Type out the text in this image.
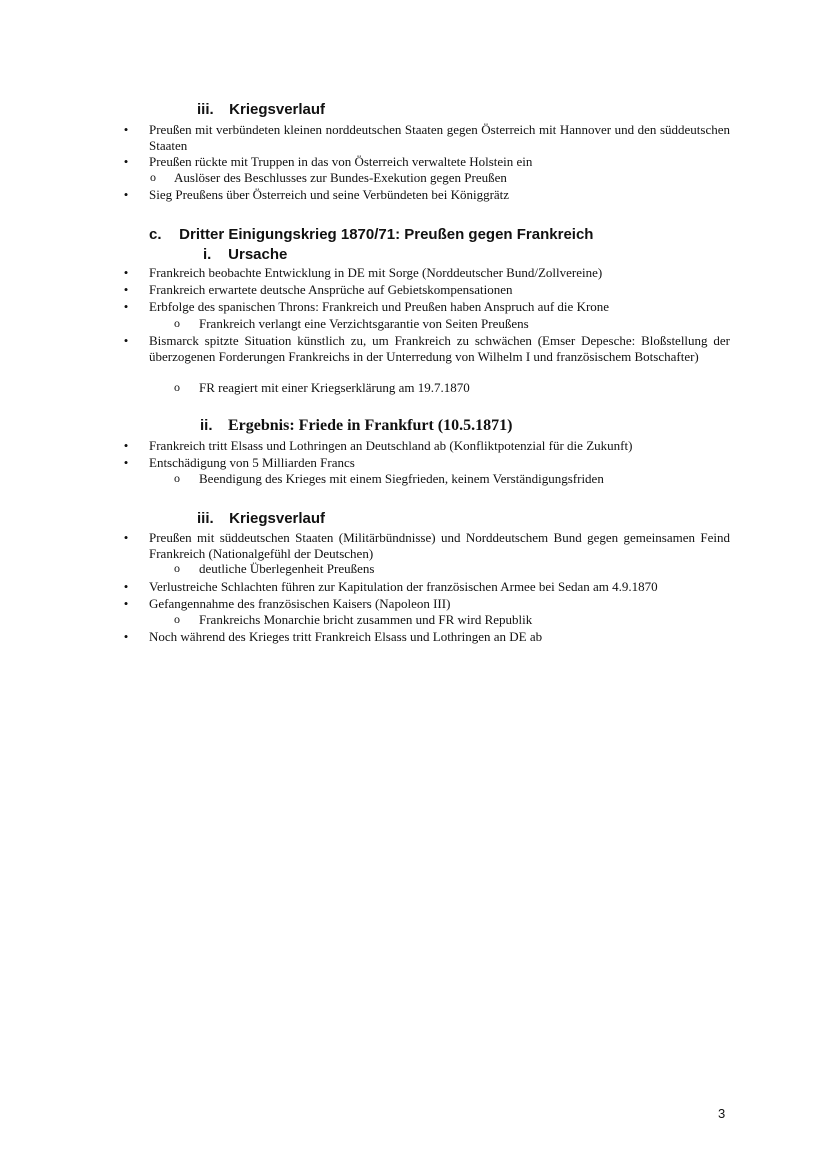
iii. Kriegsverlauf
•	Preußen mit verbündeten kleinen norddeutschen Staaten gegen Österreich mit Hannover und den süddeutschen Staaten
•	Preußen rückte mit Truppen in das von Österreich verwaltete Holstein ein
o	Auslöser des Beschlusses zur Bundes-Exekution gegen Preußen
•	Sieg Preußens über Österreich und seine Verbündeten bei Königgrätz
c. Dritter Einigungskrieg 1870/71: Preußen gegen Frankreich
i. Ursache
•	Frankreich beobachte Entwicklung in DE mit Sorge (Norddeutscher Bund/Zollvereine)
•	Frankreich erwartete deutsche Ansprüche auf Gebietskompensationen
•	Erbfolge des spanischen Throns: Frankreich und Preußen haben Anspruch auf die Krone
o	Frankreich verlangt eine Verzichtsgarantie von Seiten Preußens
•	Bismarck spitzte Situation künstlich zu, um Frankreich zu schwächen (Emser Depesche: Bloßstellung der überzogenen Forderungen Frankreichs in der Unterredung von Wilhelm I und französischem Botschafter)
o	FR reagiert mit einer Kriegserklärung am 19.7.1870
ii. Ergebnis: Friede in Frankfurt (10.5.1871)
•	Frankreich tritt Elsass und Lothringen an Deutschland ab (Konfliktpotenzial für die Zukunft)
•	Entschädigung von 5 Milliarden Francs
o	Beendigung des Krieges mit einem Siegfrieden, keinem Verständigungsfriden
iii. Kriegsverlauf
•	Preußen mit süddeutschen Staaten (Militärbündnisse) und Norddeutschem Bund gegen gemeinsamen Feind Frankreich (Nationalgefühl der Deutschen)
o	deutliche Überlegenheit Preußens
•	Verlustreiche Schlachten führen zur Kapitulation der französischen Armee bei Sedan am 4.9.1870
•	Gefangennahme des französischen Kaisers (Napoleon III)
o	Frankreichs Monarchie bricht zusammen und FR wird Republik
•	Noch während des Krieges tritt Frankreich Elsass und Lothringen an DE ab
3
